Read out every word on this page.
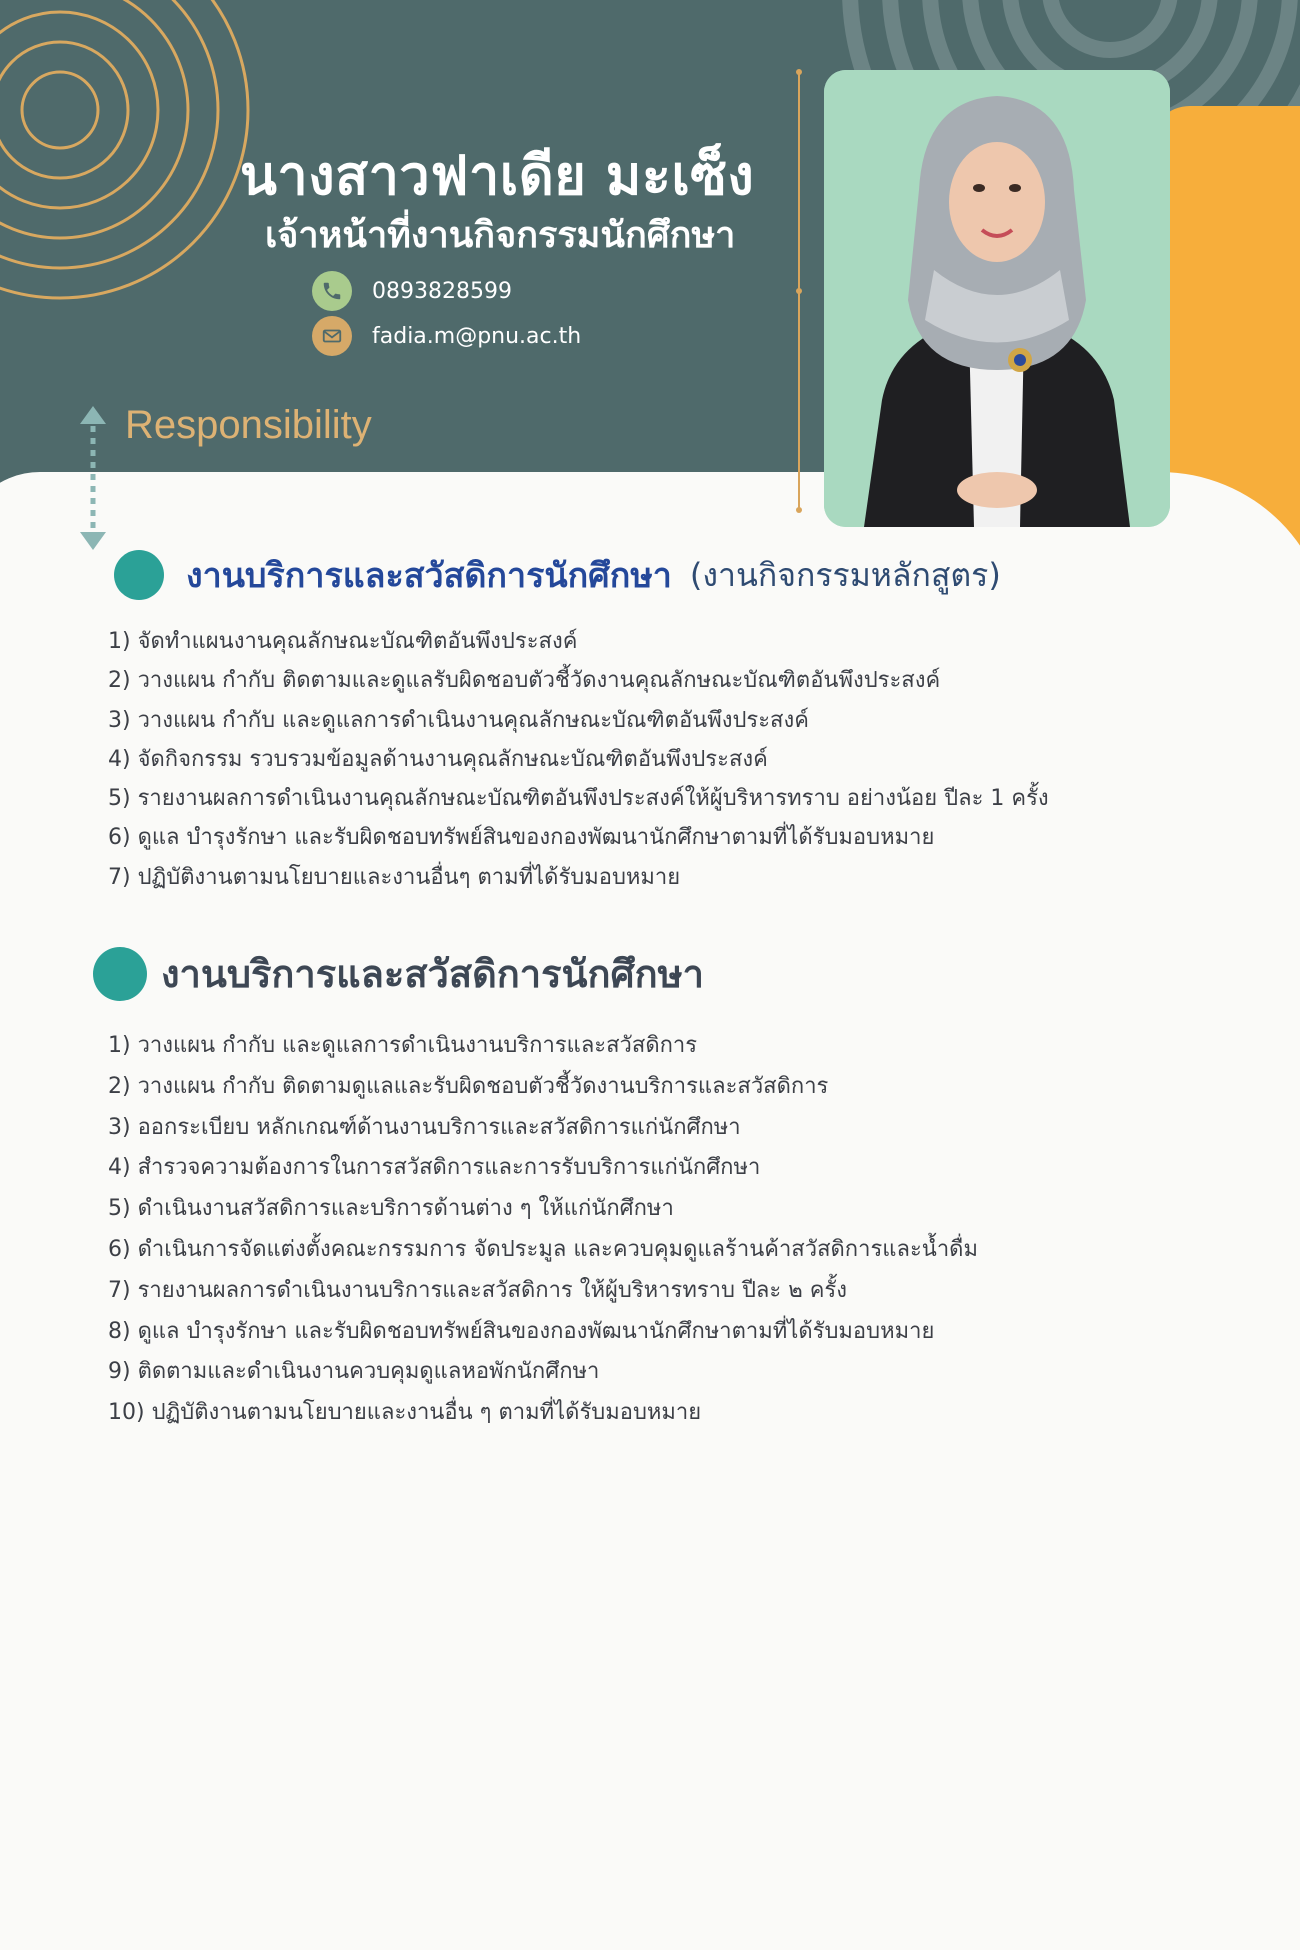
นางสาวฟาเดีย มะเซ็ง
เจ้าหน้าที่งานกิจกรรมนักศึกษา
0893828599
fadia.m@pnu.ac.th
Responsibility
งานบริการและสวัสดิการนักศึกษา (งานกิจกรรมหลักสูตร)
1) จัดทำแผนงานคุณลักษณะบัณฑิตอันพึงประสงค์
2) วางแผน กำกับ ติดตามและดูแลรับผิดชอบตัวชี้วัดงานคุณลักษณะบัณฑิตอันพึงประสงค์
3) วางแผน กำกับ และดูแลการดำเนินงานคุณลักษณะบัณฑิตอันพึงประสงค์
4) จัดกิจกรรม รวบรวมข้อมูลด้านงานคุณลักษณะบัณฑิตอันพึงประสงค์
5) รายงานผลการดำเนินงานคุณลักษณะบัณฑิตอันพึงประสงค์ให้ผู้บริหารทราบ อย่างน้อย ปีละ 1 ครั้ง
6) ดูแล บำรุงรักษา และรับผิดชอบทรัพย์สินของกองพัฒนานักศึกษาตามที่ได้รับมอบหมาย
7) ปฏิบัติงานตามนโยบายและงานอื่นๆ ตามที่ได้รับมอบหมาย
งานบริการและสวัสดิการนักศึกษา
1) วางแผน กำกับ และดูแลการดำเนินงานบริการและสวัสดิการ
2) วางแผน กำกับ ติดตามดูแลและรับผิดชอบตัวชี้วัดงานบริการและสวัสดิการ
3) ออกระเบียบ หลักเกณฑ์ด้านงานบริการและสวัสดิการแก่นักศึกษา
4) สำรวจความต้องการในการสวัสดิการและการรับบริการแก่นักศึกษา
5) ดำเนินงานสวัสดิการและบริการด้านต่าง ๆ ให้แก่นักศึกษา
6) ดำเนินการจัดแต่งตั้งคณะกรรมการ จัดประมูล และควบคุมดูแลร้านค้าสวัสดิการและน้ำดื่ม
7) รายงานผลการดำเนินงานบริการและสวัสดิการ ให้ผู้บริหารทราบ ปีละ ๒ ครั้ง
8) ดูแล บำรุงรักษา และรับผิดชอบทรัพย์สินของกองพัฒนานักศึกษาตามที่ได้รับมอบหมาย
9) ติดตามและดำเนินงานควบคุมดูแลหอพักนักศึกษา
10) ปฏิบัติงานตามนโยบายและงานอื่น ๆ ตามที่ได้รับมอบหมาย
